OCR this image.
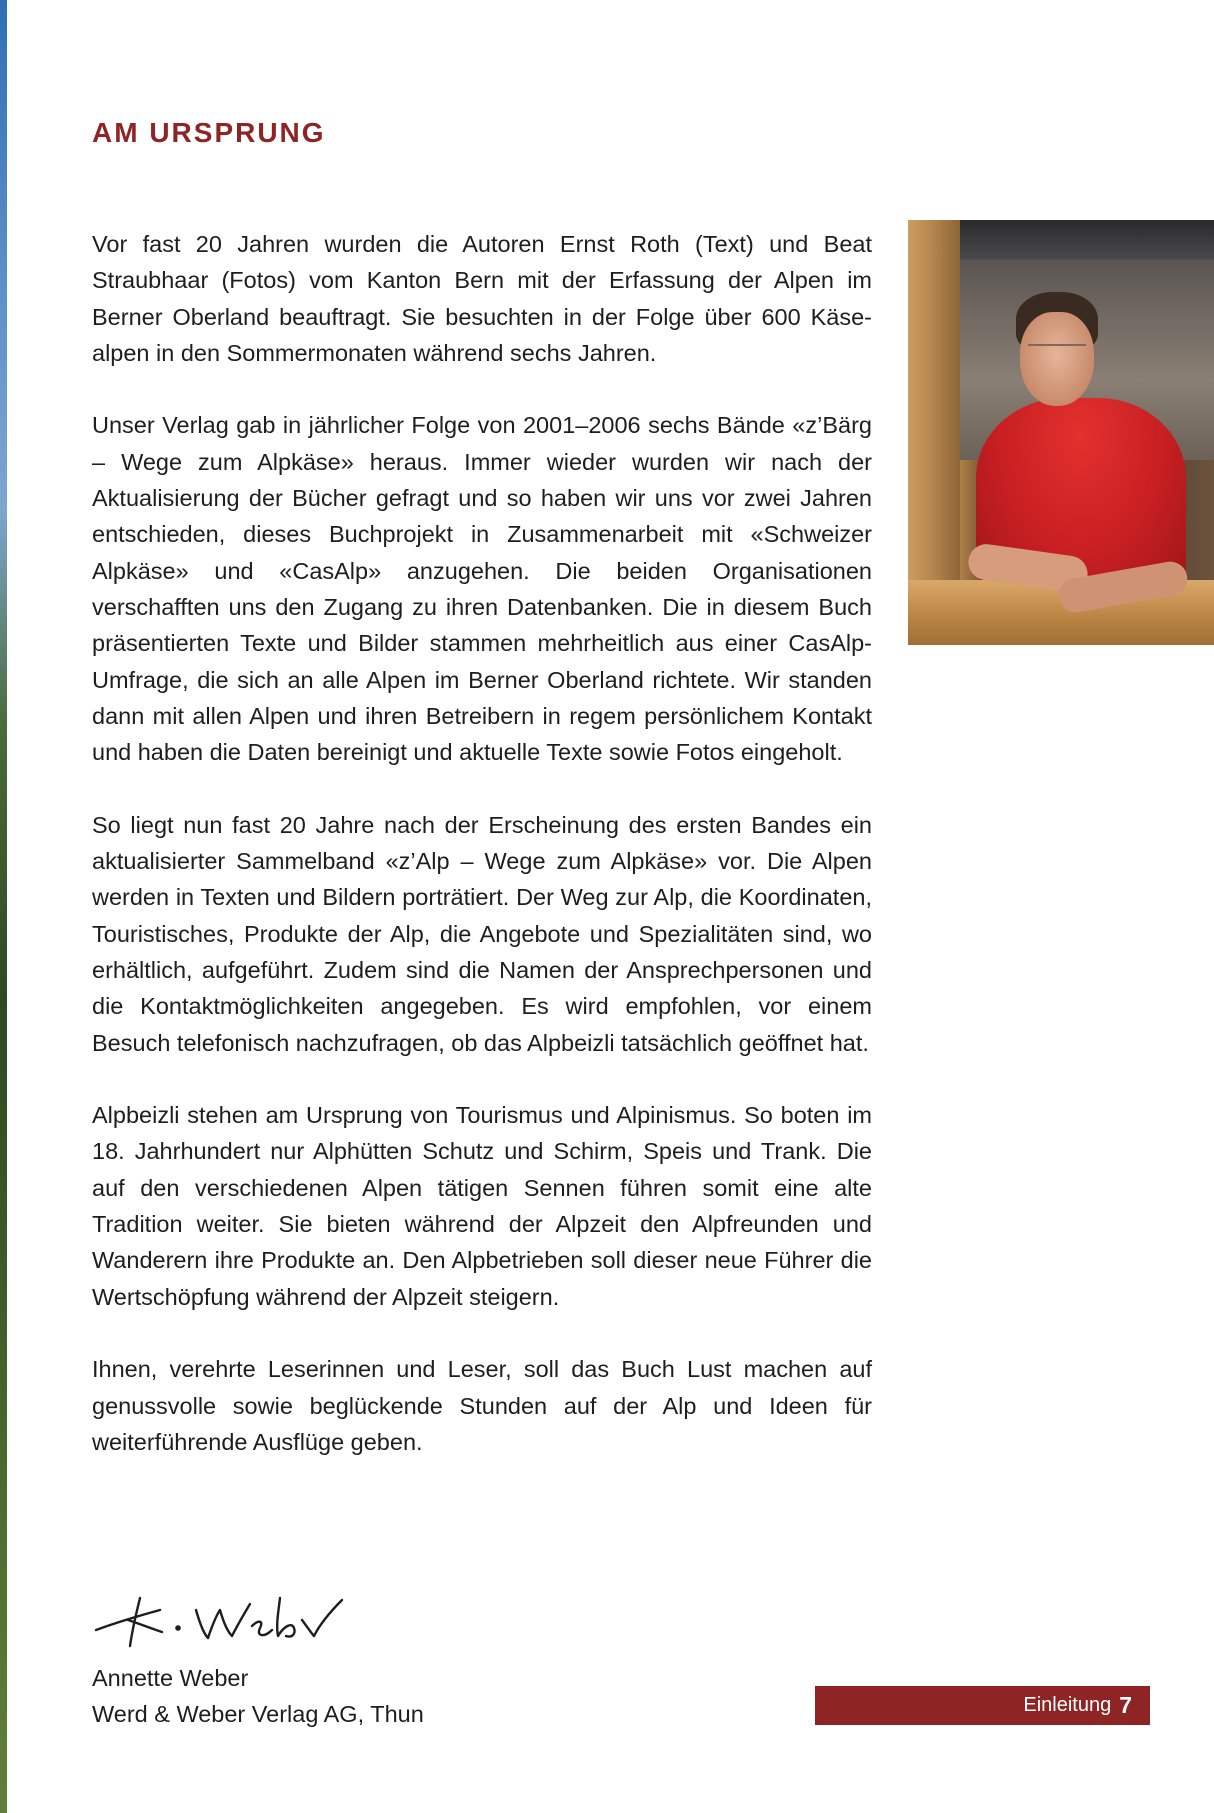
AM URSPRUNG

Vor fast 20 Jahren wurden die Autoren Ernst Roth (Text) und Beat Straubhaar (Fotos) vom Kanton Bern mit der Erfassung der Alpen im Berner Oberland beauftragt. Sie besuchten in der Folge über 600 Käsealpen in den Sommermonaten während sechs Jahren.

Unser Verlag gab in jährlicher Folge von 2001–2006 sechs Bände «z’Bärg – Wege zum Alpkäse» heraus. Immer wieder wurden wir nach der Aktualisierung der Bücher gefragt und so haben wir uns vor zwei Jahren entschieden, dieses Buchprojekt in Zusammenarbeit mit «Schweizer Alpkäse» und «CasAlp» anzugehen. Die beiden Organisationen verschafften uns den Zugang zu ihren Datenbanken. Die in diesem Buch präsentierten Texte und Bilder stammen mehrheitlich aus einer CasAlp-Umfrage, die sich an alle Alpen im Berner Oberland richtete. Wir standen dann mit allen Alpen und ihren Betreibern in regem persönlichem Kontakt und haben die Daten bereinigt und aktuelle Texte sowie Fotos eingeholt.

So liegt nun fast 20 Jahre nach der Erscheinung des ersten Bandes ein aktualisierter Sammelband «z’Alp – Wege zum Alpkäse» vor. Die Alpen werden in Texten und Bildern porträtiert. Der Weg zur Alp, die Koordinaten, Touristisches, Produkte der Alp, die Angebote und Spezialitäten sind, wo erhältlich, aufgeführt. Zudem sind die Namen der Ansprechpersonen und die Kontaktmöglichkeiten angegeben. Es wird empfohlen, vor einem Besuch telefonisch nachzufragen, ob das Alpbeizli tatsächlich geöffnet hat.

Alpbeizli stehen am Ursprung von Tourismus und Alpinismus. So boten im 18. Jahrhundert nur Alphütten Schutz und Schirm, Speis und Trank. Die auf den verschiedenen Alpen tätigen Sennen führen somit eine alte Tradition weiter. Sie bieten während der Alpzeit den Alpfreunden und Wanderern ihre Produkte an. Den Alpbetrieben soll dieser neue Führer die Wertschöpfung während der Alpzeit steigern.

Ihnen, verehrte Leserinnen und Leser, soll das Buch Lust machen auf genussvolle sowie beglückende Stunden auf der Alp und Ideen für weiterführende Ausflüge geben.

Annette Weber
Werd & Weber Verlag AG, Thun	Einleitung 7
